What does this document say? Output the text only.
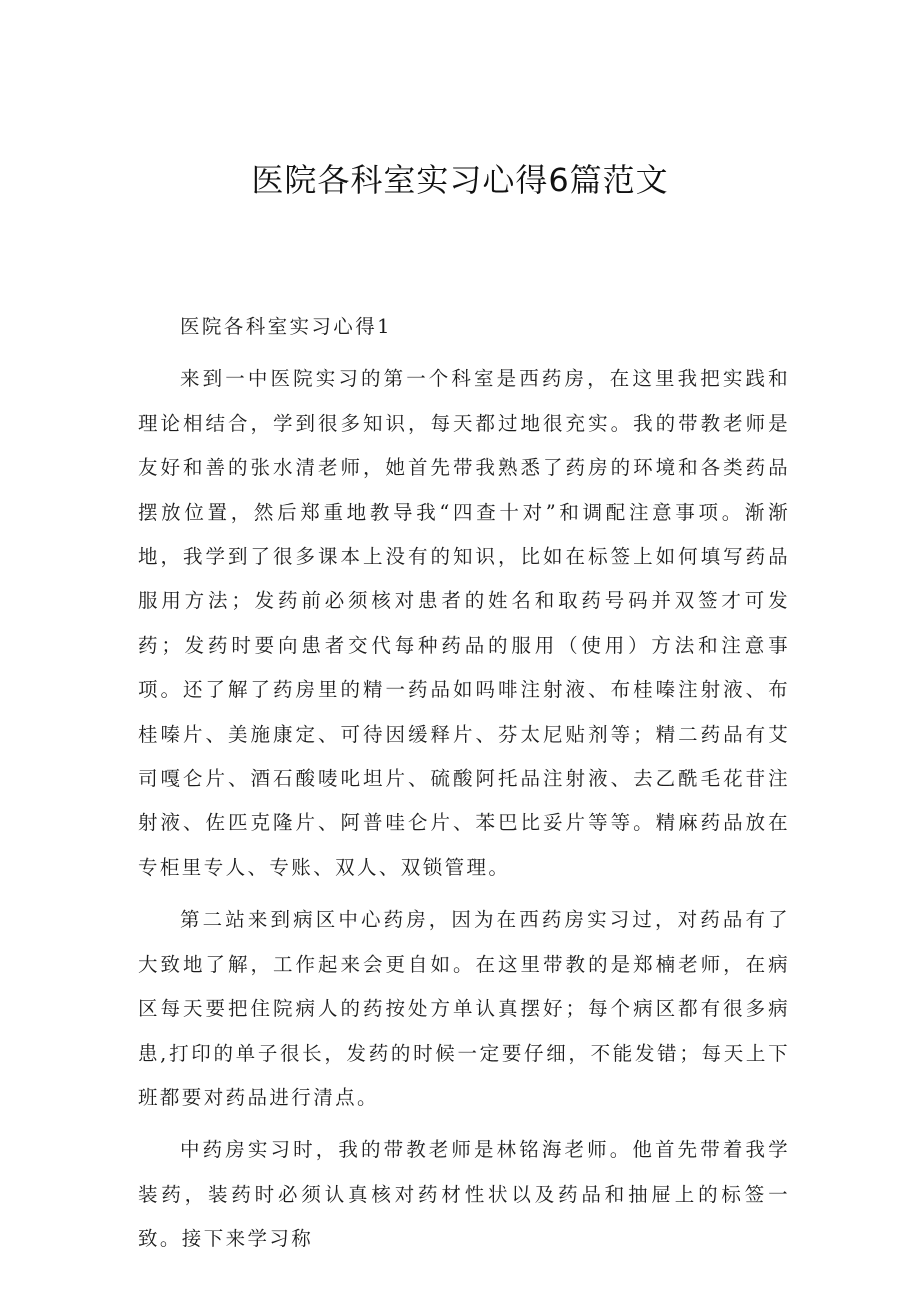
医院各科室实习心得6篇范文

医院各科室实习心得1

来到一中医院实习的第一个科室是西药房，在这里我把实践和理论相结合，学到很多知识，每天都过地很充实。我的带教老师是友好和善的张水清老师，她首先带我熟悉了药房的环境和各类药品摆放位置，然后郑重地教导我“四查十对”和调配注意事项。渐渐地，我学到了很多课本上没有的知识，比如在标签上如何填写药品服用方法；发药前必须核对患者的姓名和取药号码并双签才可发药；发药时要向患者交代每种药品的服用（使用）方法和注意事项。还了解了药房里的精一药品如吗啡注射液、布桂嗪注射液、布桂嗪片、美施康定、可待因缓释片、芬太尼贴剂等；精二药品有艾司嘎仑片、酒石酸唛叱坦片、硫酸阿托品注射液、去乙酰毛花苷注射液、佐匹克隆片、阿普哇仑片、苯巴比妥片等等。精麻药品放在专柜里专人、专账、双人、双锁管理。

第二站来到病区中心药房，因为在西药房实习过，对药品有了大致地了解，工作起来会更自如。在这里带教的是郑楠老师，在病区每天要把住院病人的药按处方单认真摆好；每个病区都有很多病患,打印的单子很长，发药的时候一定要仔细，不能发错；每天上下班都要对药品进行清点。

中药房实习时，我的带教老师是林铭海老师。他首先带着我学装药，装药时必须认真核对药材性状以及药品和抽屉上的标签一致。接下来学习称
